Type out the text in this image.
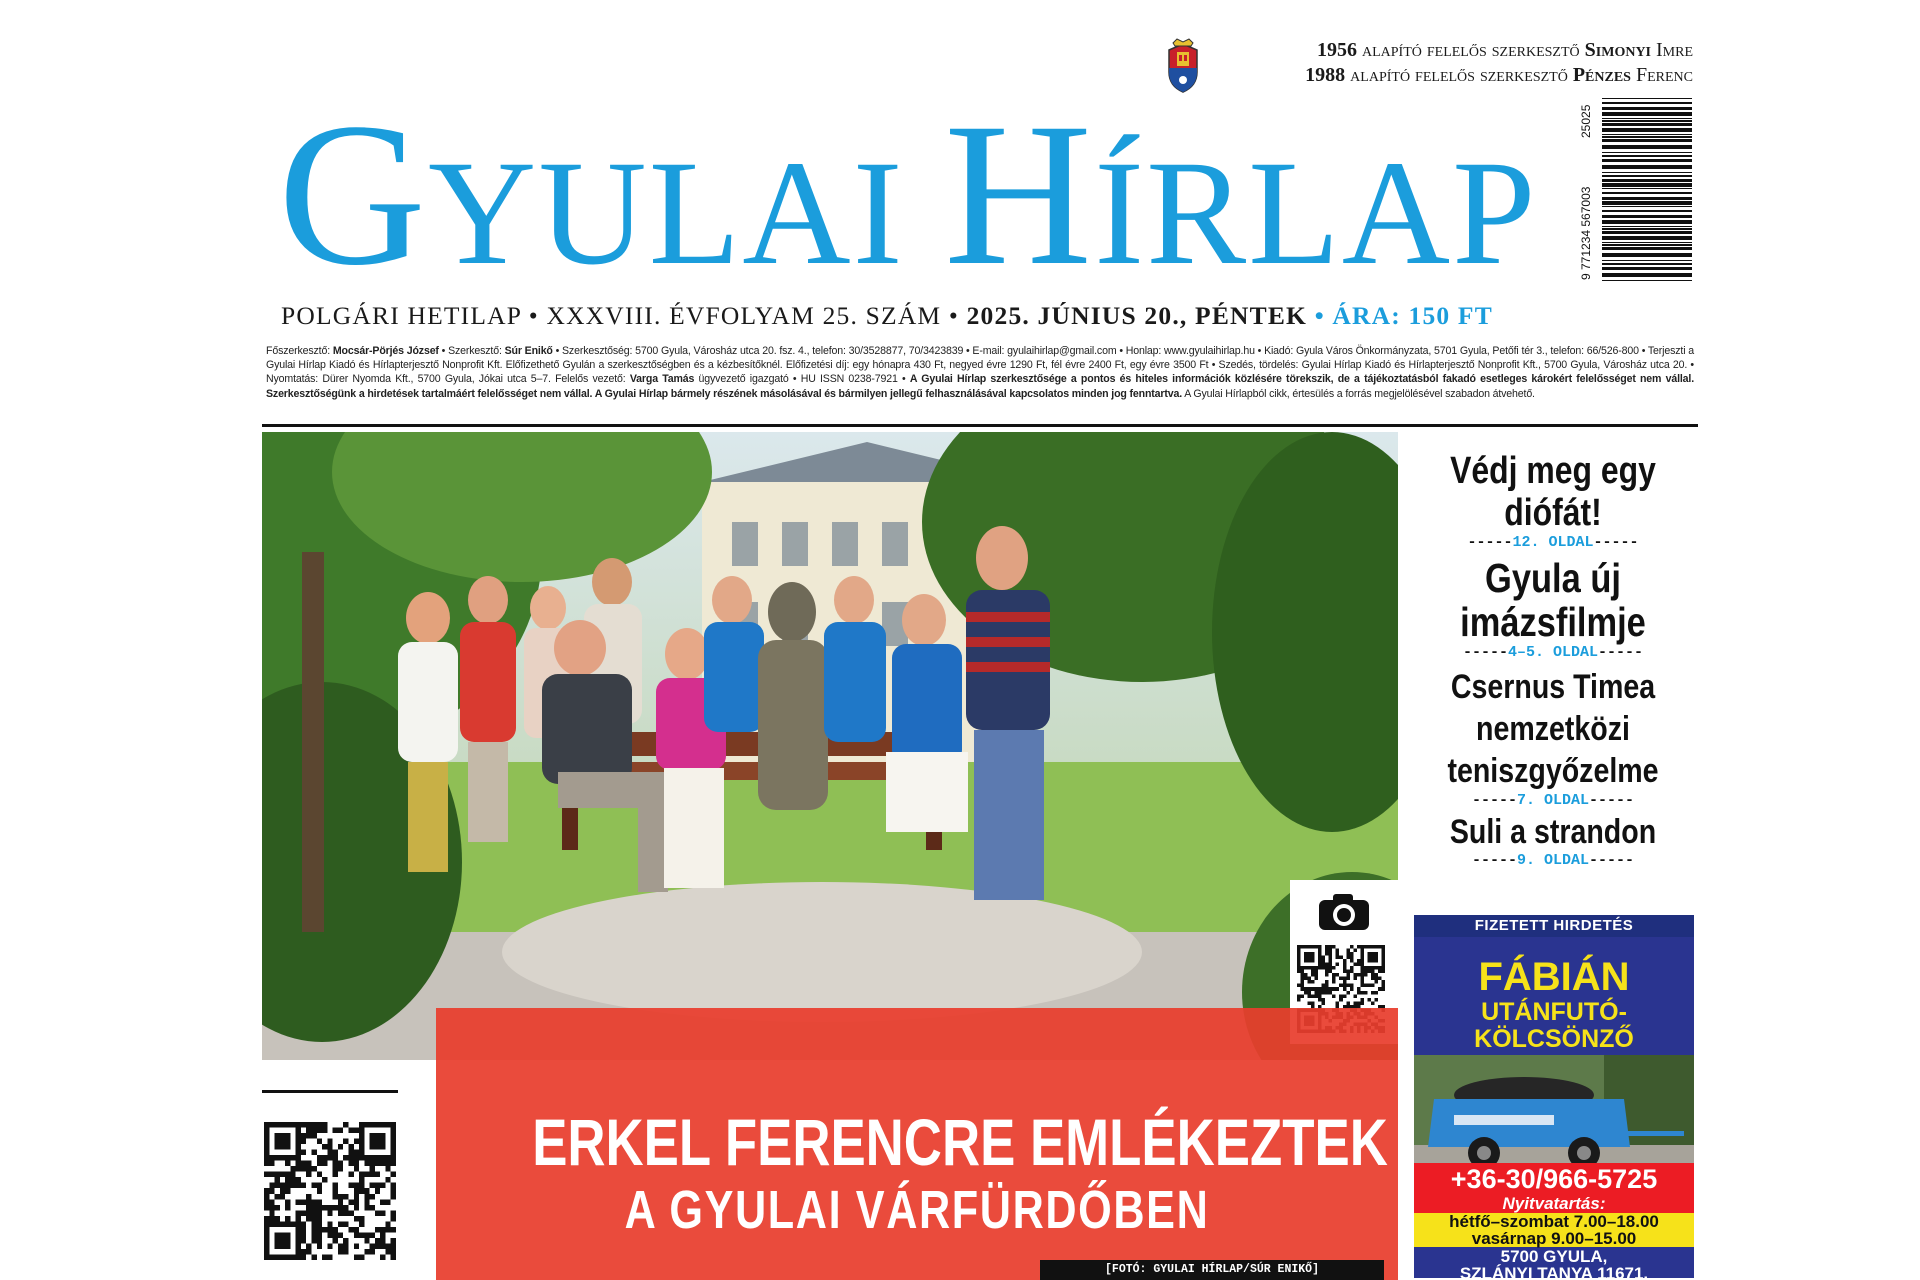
1956 alapító felelős szerkesztő Simonyi Imre
1988 alapító felelős szerkesztő Pénzes Ferenc
9 771234 567003
25025
GYULAI HÍRLAP
POLGÁRI HETILAP • XXXVIII. ÉVFOLYAM 25. SZÁM • 2025. JÚNIUS 20., PÉNTEK • ÁRA: 150 FT
Főszerkesztő: Mocsár-Pörjés József • Szerkesztő: Súr Enikő • Szerkesztőség: 5700 Gyula, Városház utca 20. fsz. 4., telefon: 30/3528877, 70/3423839 • E-mail: gyulaihirlap@gmail.com • Honlap: www.gyulaihirlap.hu • Kiadó: Gyula Város Önkormányzata, 5701 Gyula, Petőfi tér 3., telefon: 66/526-800 • Terjeszti a Gyulai Hírlap Kiadó és Hírlapterjesztő Nonprofit Kft. Előfizethető Gyulán a szerkesztőségben és a kézbesítőknél. Előfizetési díj: egy hónapra 430 Ft, negyed évre 1290 Ft, fél évre 2400 Ft, egy évre 3500 Ft • Szedés, tördelés: Gyulai Hírlap Kiadó és Hírlapterjesztő Nonprofit Kft., 5700 Gyula, Városház utca 20. • Nyomtatás: Dürer Nyomda Kft., 5700 Gyula, Jókai utca 5–7. Felelős vezető: Varga Tamás ügyvezető igazgató • HU ISSN 0238-7921 • A Gyulai Hírlap szerkesztősége a pontos és hiteles információk közlésére törekszik, de a tájékoztatásból fakadó esetleges károkért felelősséget nem vállal. Szerkesztőségünk a hirdetések tartalmáért felelősséget nem vállal. A Gyulai Hírlap bármely részének másolásával és bármilyen jellegű felhasználásával kapcsolatos minden jog fenntartva. A Gyulai Hírlapból cikk, értesülés a forrás megjelölésével szabadon átvehető.
ERKEL FERENCRE EMLÉKEZTEK
A GYULAI VÁRFÜRDŐBEN
[FOTÓ: GYULAI HÍRLAP/SÚR ENIKŐ]
Védj meg egy
diófát!
-----12. OLDAL-----
Gyula új
imázsfilmje
-----4–5. OLDAL-----
Csernus Timea
nemzetközi
teniszgyőzelme
-----7. OLDAL-----
Suli a strandon
-----9. OLDAL-----
FIZETETT HIRDETÉS
FÁBIÁN
UTÁNFUTÓ-
KÖLCSÖNZŐ
+36-30/966-5725
Nyitvatartás:
hétfő–szombat 7.00–18.00
vasárnap 9.00–15.00
5700 GYULA,
SZLÁNYI TANYA 11671.
